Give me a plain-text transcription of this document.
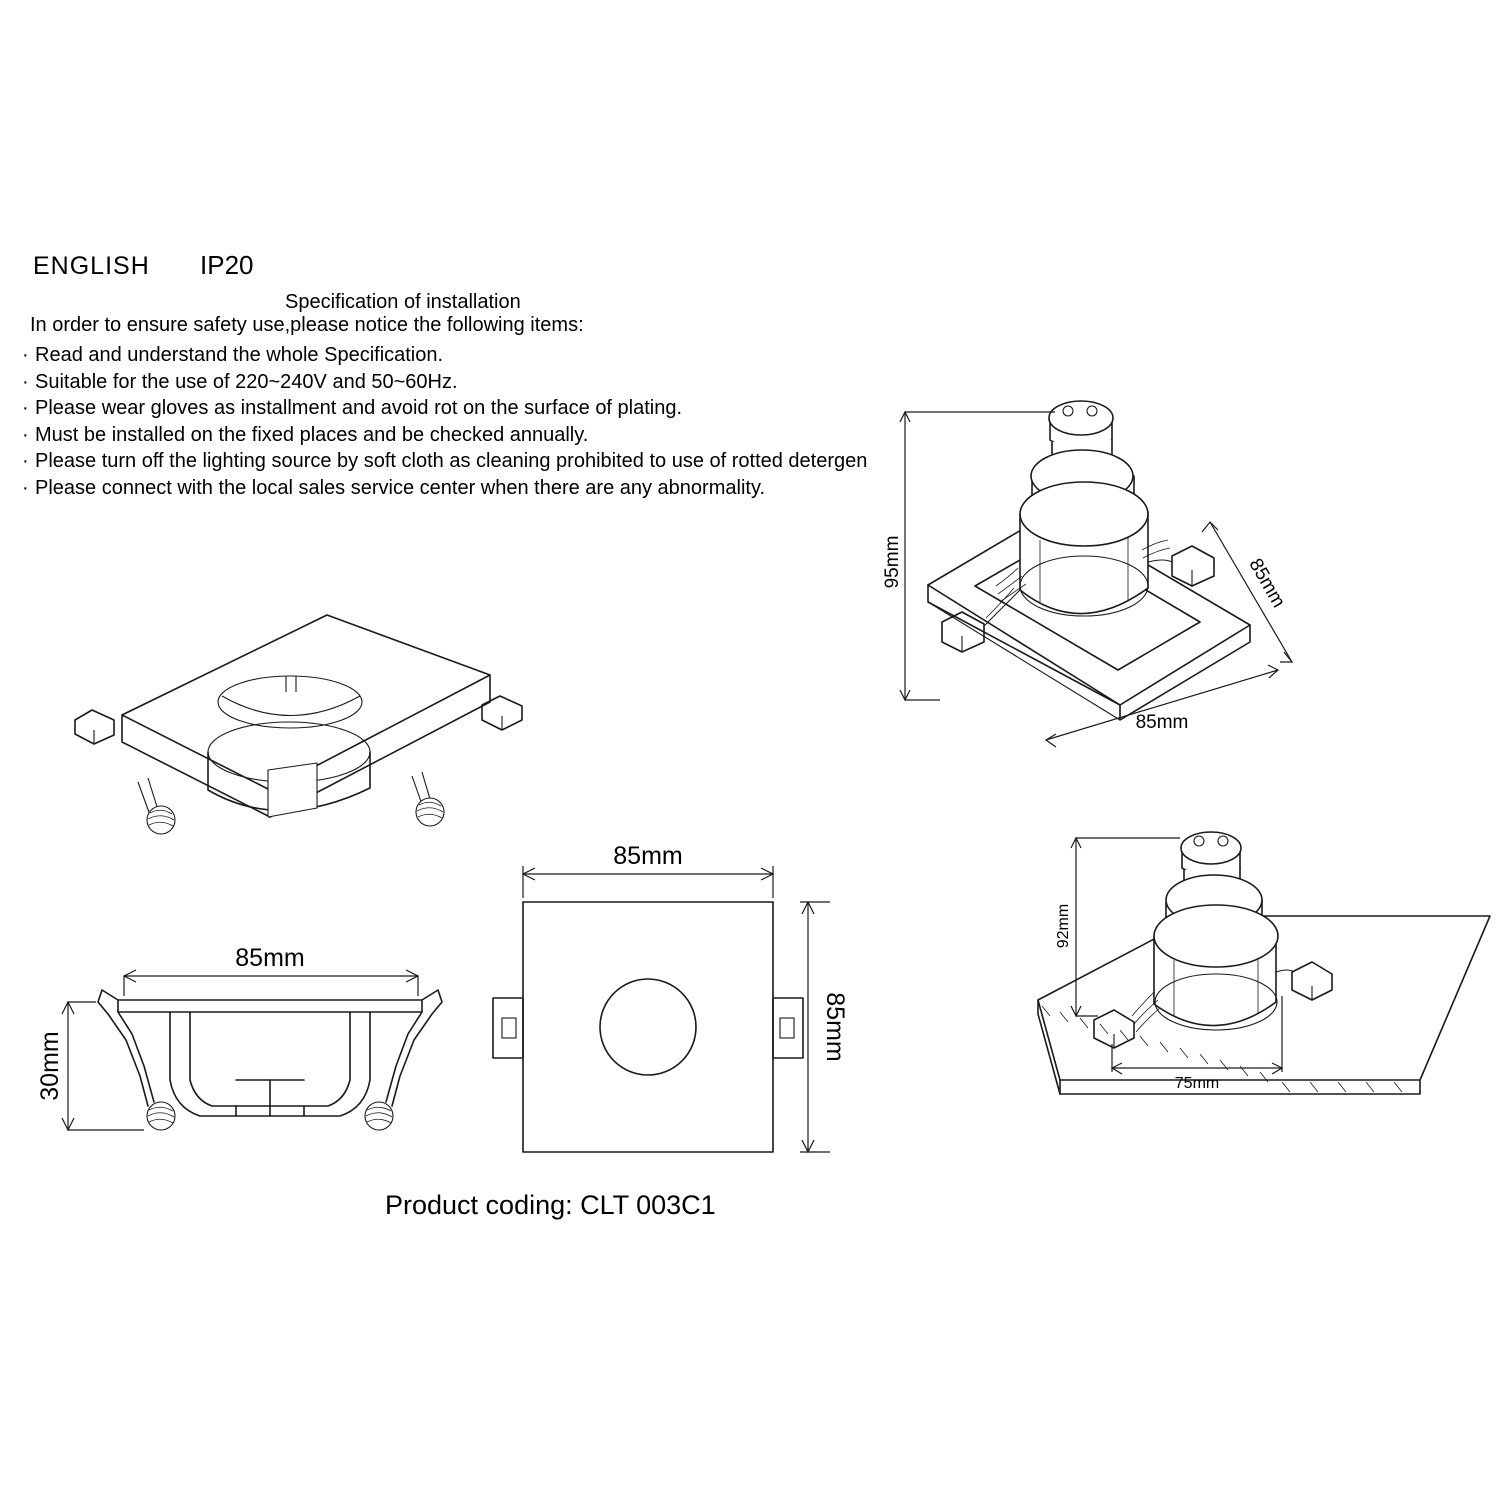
ENGLISH IP20
Specification of installation
In order to ensure safety use,please notice the following items:
· Read and understand the whole Specification.
· Suitable for the use of 220~240V and 50~60Hz.
· Please wear gloves as installment and avoid rot on the surface of plating.
· Must be installed on the fixed places and be checked annually.
· Please turn off the lighting source by soft cloth as cleaning prohibited to use of rotted detergen
· Please connect with the local sales service center when there are any abnormality.
Product coding: CLT 003C1
95mm	85mm
85mm
85mm
30mm
85mm
85mm
92mm
75mm
